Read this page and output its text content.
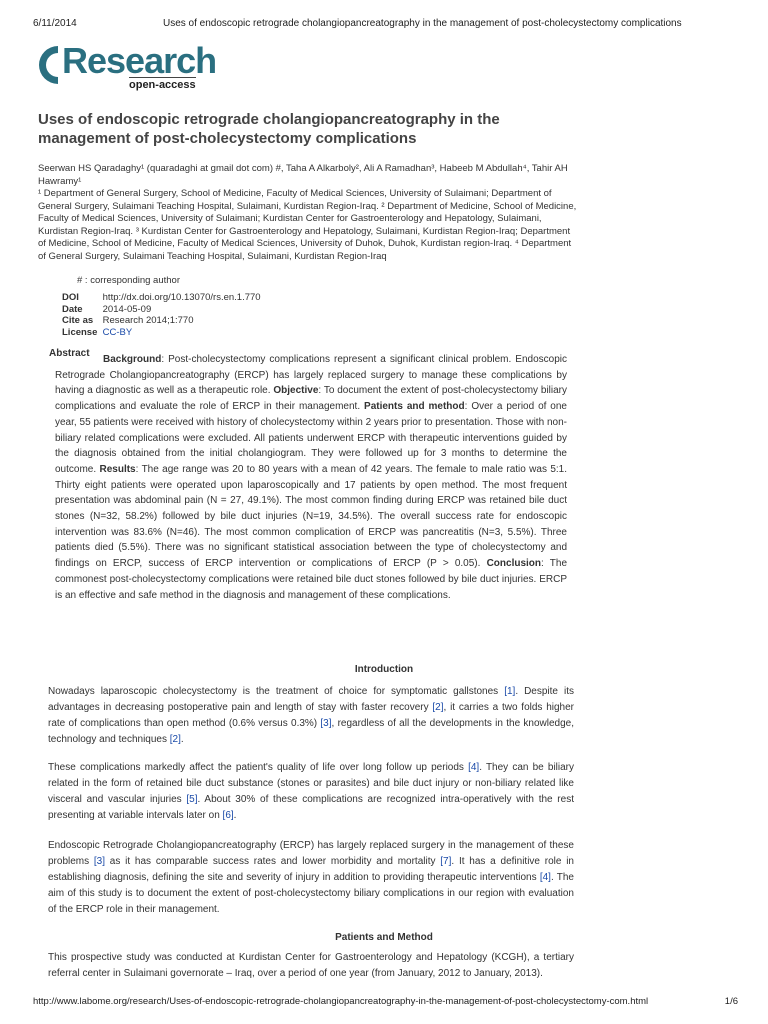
6/11/2014	Uses of endoscopic retrograde cholangiopancreatography in the management of post-cholecystectomy complications
Research
open-access
Uses of endoscopic retrograde cholangiopancreatography in the management of post-cholecystectomy complications
Seerwan HS Qaradaghy¹ (quaradaghi at gmail dot com) #, Taha A Alkarboly², Ali A Ramadhan³, Habeeb M Abdullah⁴, Tahir AH Hawramy¹
¹ Department of General Surgery, School of Medicine, Faculty of Medical Sciences, University of Sulaimani; Department of General Surgery, Sulaimani Teaching Hospital, Sulaimani, Kurdistan Region-Iraq. ² Department of Medicine, School of Medicine, Faculty of Medical Sciences, University of Sulaimani; Kurdistan Center for Gastroenterology and Hepatology, Sulaimani, Kurdistan Region-Iraq. ³ Kurdistan Center for Gastroenterology and Hepatology, Sulaimani, Kurdistan Region-Iraq; Department of Medicine, School of Medicine, Faculty of Medical Sciences, University of Duhok, Duhok, Kurdistan region-Iraq. ⁴ Department of General Surgery, Sulaimani Teaching Hospital, Sulaimani, Kurdistan Region-Iraq
# : corresponding author
DOI	http://dx.doi.org/10.13070/rs.en.1.770
Date 2014-05-09
Cite as Research 2014;1:770
License CC-BY
Abstract
Background: Post-cholecystectomy complications represent a significant clinical problem. Endoscopic Retrograde Cholangiopancreatography (ERCP) has largely replaced surgery to manage these complications by having a diagnostic as well as a therapeutic role. Objective: To document the extent of post-cholecystectomy biliary complications and evaluate the role of ERCP in their management. Patients and method: Over a period of one year, 55 patients were received with history of cholecystectomy within 2 years prior to presentation. Those with non-biliary related complications were excluded. All patients underwent ERCP with therapeutic interventions guided by the diagnosis obtained from the initial cholangiogram. They were followed up for 3 months to determine the outcome. Results: The age range was 20 to 80 years with a mean of 42 years. The female to male ratio was 5:1. Thirty eight patients were operated upon laparoscopically and 17 patients by open method. The most frequent presentation was abdominal pain (N = 27, 49.1%). The most common finding during ERCP was retained bile duct stones (N=32, 58.2%) followed by bile duct injuries (N=19, 34.5%). The overall success rate for endoscopic intervention was 83.6% (N=46). The most common complication of ERCP was pancreatitis (N=3, 5.5%). Three patients died (5.5%). There was no significant statistical association between the type of cholecystectomy and findings on ERCP, success of ERCP intervention or complications of ERCP (P > 0.05). Conclusion: The commonest post-cholecystectomy complications were retained bile duct stones followed by bile duct injuries. ERCP is an effective and safe method in the diagnosis and management of these complications.
Introduction
Nowadays laparoscopic cholecystectomy is the treatment of choice for symptomatic gallstones [1]. Despite its advantages in decreasing postoperative pain and length of stay with faster recovery [2], it carries a two folds higher rate of complications than open method (0.6% versus 0.3%) [3], regardless of all the developments in the knowledge, technology and techniques [2].
These complications markedly affect the patient's quality of life over long follow up periods [4]. They can be biliary related in the form of retained bile duct substance (stones or parasites) and bile duct injury or non-biliary related like visceral and vascular injuries [5]. About 30% of these complications are recognized intra-operatively with the rest presenting at variable intervals later on [6].
Endoscopic Retrograde Cholangiopancreatography (ERCP) has largely replaced surgery in the management of these problems [3] as it has comparable success rates and lower morbidity and mortality [7]. It has a definitive role in establishing diagnosis, defining the site and severity of injury in addition to providing therapeutic interventions [4]. The aim of this study is to document the extent of post-cholecystectomy biliary complications in our region with evaluation of the ERCP role in their management.
Patients and Method
This prospective study was conducted at Kurdistan Center for Gastroenterology and Hepatology (KCGH), a tertiary referral center in Sulaimani governorate – Iraq, over a period of one year (from January, 2012 to January, 2013).
http://www.labome.org/research/Uses-of-endoscopic-retrograde-cholangiopancreatography-in-the-management-of-post-cholecystectomy-com.html	1/6
